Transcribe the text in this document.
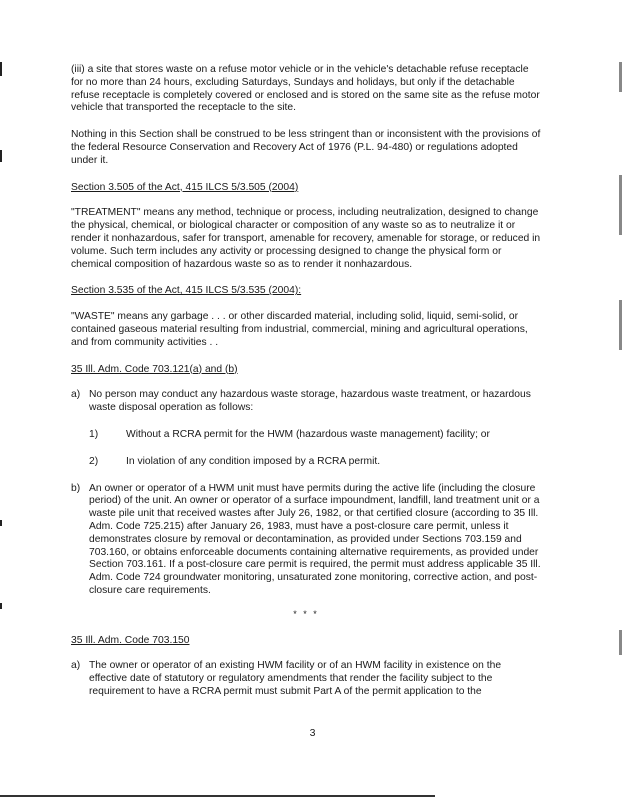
(iii) a site that stores waste on a refuse motor vehicle or in the vehicle's detachable refuse receptacle for no more than 24 hours, excluding Saturdays, Sundays and holidays, but only if the detachable refuse receptacle is completely covered or enclosed and is stored on the same site as the refuse motor vehicle that transported the receptacle to the site.

Nothing in this Section shall be construed to be less stringent than or inconsistent with the provisions of the federal Resource Conservation and Recovery Act of 1976 (P.L. 94-480) or regulations adopted under it.

Section 3.505 of the Act, 415 ILCS 5/3.505 (2004)

"TREATMENT" means any method, technique or process, including neutralization, designed to change the physical, chemical, or biological character or composition of any waste so as to neutralize it or render it nonhazardous, safer for transport, amenable for recovery, amenable for storage, or reduced in volume. Such term includes any activity or processing designed to change the physical form or chemical composition of hazardous waste so as to render it nonhazardous.

Section 3.535 of the Act, 415 ILCS 5/3.535 (2004):

"WASTE" means any garbage . . . or other discarded material, including solid, liquid, semi-solid, or contained gaseous material resulting from industrial, commercial, mining and agricultural operations, and from community activities . .

35 Ill. Adm. Code 703.121(a) and (b)

a) No person may conduct any hazardous waste storage, hazardous waste treatment, or hazardous waste disposal operation as follows:

1)	Without a RCRA permit for the HWM (hazardous waste management) facility; or

2)	In violation of any condition imposed by a RCRA permit.

b) An owner or operator of a HWM unit must have permits during the active life (including the closure period) of the unit. An owner or operator of a surface impoundment, landfill, land treatment unit or a waste pile unit that received wastes after July 26, 1982, or that certified closure (according to 35 Ill. Adm. Code 725.215) after January 26, 1983, must have a post-closure care permit, unless it demonstrates closure by removal or decontamination, as provided under Sections 703.159 and 703.160, or obtains enforceable documents containing alternative requirements, as provided under Section 703.161. If a post-closure care permit is required, the permit must address applicable 35 Ill. Adm. Code 724 groundwater monitoring, unsaturated zone monitoring, corrective action, and post-closure care requirements.

* * *

35 Ill. Adm. Code 703.150

a) The owner or operator of an existing HWM facility or of an HWM facility in existence on the effective date of statutory or regulatory amendments that render the facility subject to the requirement to have a RCRA permit must submit Part A of the permit application to the

3
